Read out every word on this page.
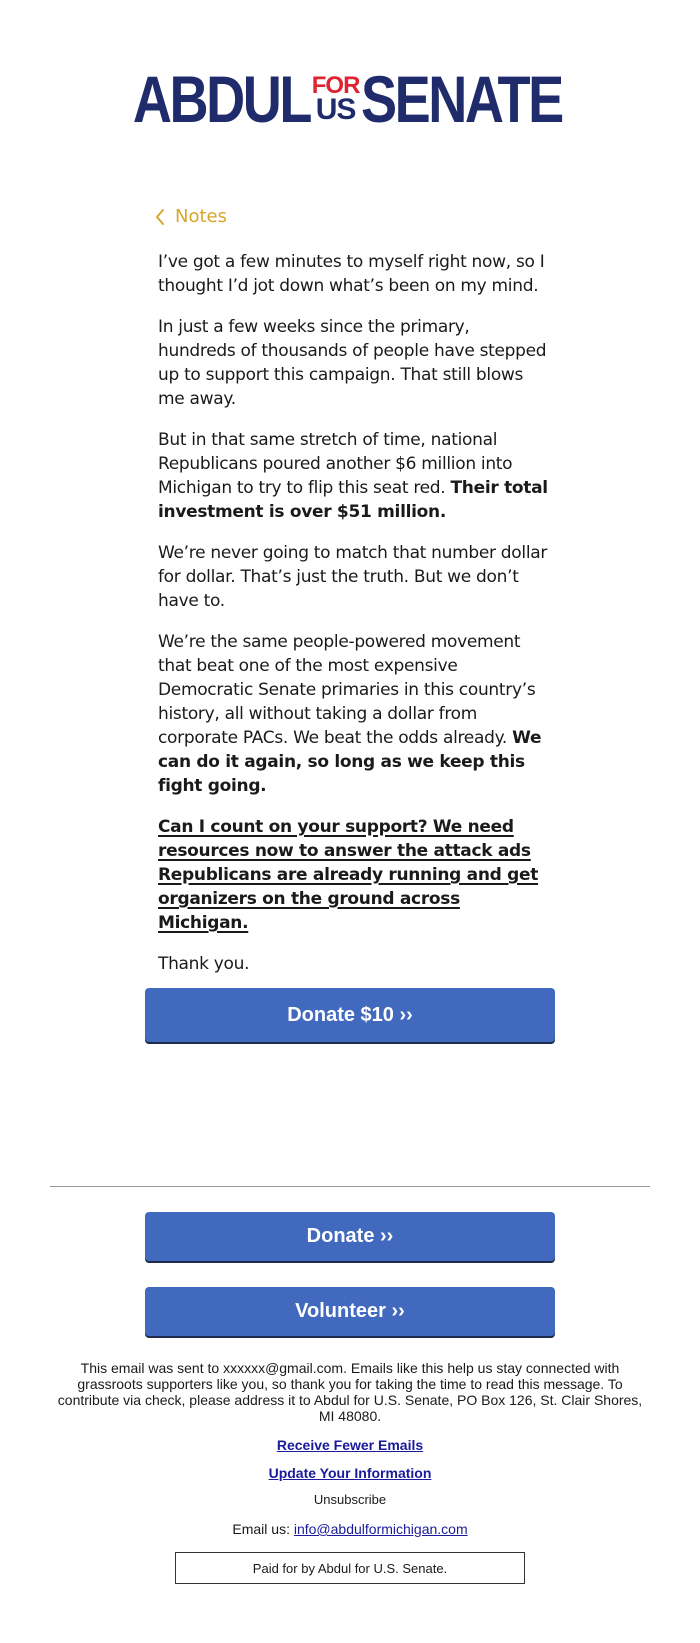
ABDUL FOR
US SENATE
Notes

I’ve got a few minutes to myself right now, so I thought I’d jot down what’s been on my mind.

In just a few weeks since the primary, hundreds of thousands of people have stepped up to support this campaign. That still blows me away.

But in that same stretch of time, national Republicans poured another $6 million into Michigan to try to flip this seat red. Their total investment is over $51 million.

We’re never going to match that number dollar for dollar. That’s just the truth. But we don’t have to.

We’re the same people-powered movement that beat one of the most expensive Democratic Senate primaries in this country’s history, all without taking a dollar from corporate PACs. We beat the odds already. We can do it again, so long as we keep this fight going.

Can I count on your support? We need resources now to answer the attack ads Republicans are already running and get organizers on the ground across Michigan.

Thank you.

Donate $10 ››
Donate ››
Volunteer ››
This email was sent to xxxxxx@gmail.com. Emails like this help us stay connected with grassroots supporters like you, so thank you for taking the time to read this message. To contribute via check, please address it to Abdul for U.S. Senate, PO Box 126, St. Clair Shores, MI 48080.
Receive Fewer Emails
Update Your Information
Unsubscribe
Email us: info@abdulformichigan.com
Paid for by Abdul for U.S. Senate.
